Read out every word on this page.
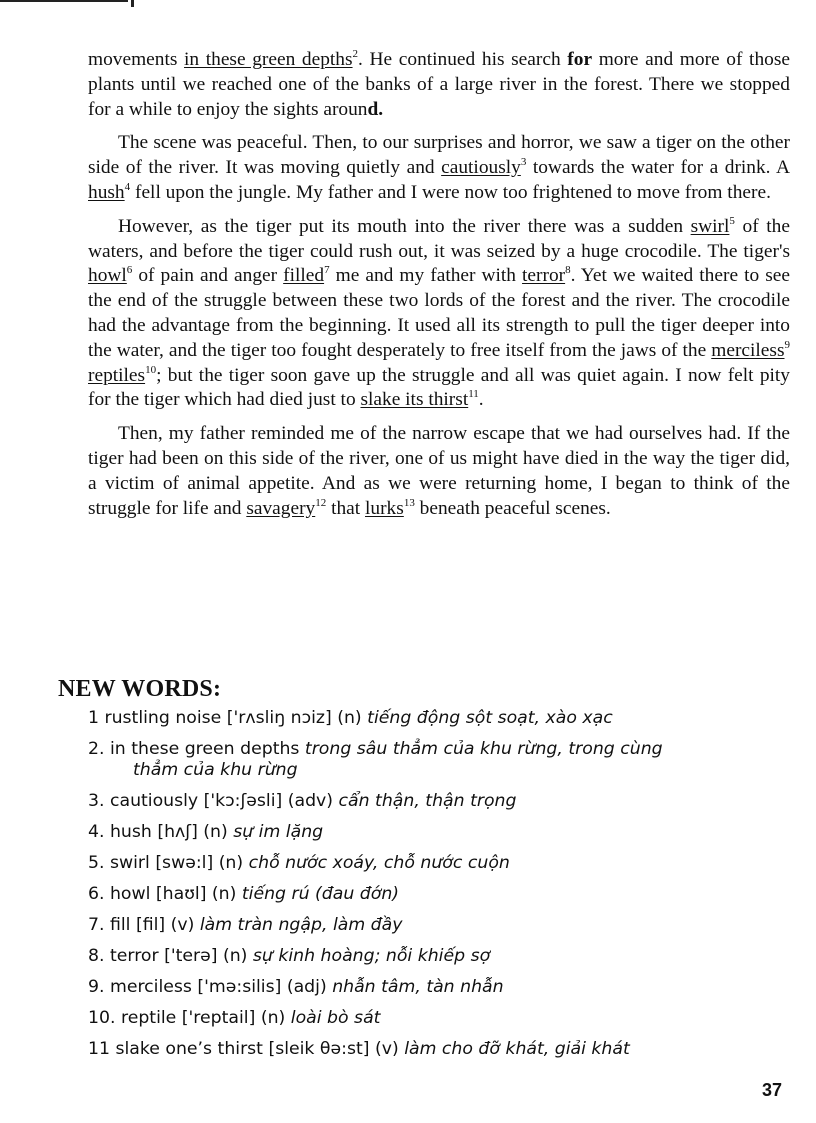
movements in these green depths$^2$. He continued his search for more and more of those plants until we reached one of the banks of a large river in the forest. There we stopped for a while to enjoy the sights around.

The scene was peaceful. Then, to our surprises and horror, we saw a tiger on the other side of the river. It was moving quietly and cautiously$^3$ towards the water for a drink. A hush$^4$ fell upon the jungle. My father and I were now too frightened to move from there.

However, as the tiger put its mouth into the river there was a sudden swirl$^5$ of the waters, and before the tiger could rush out, it was seized by a huge crocodile. The tiger's howl$^6$ of pain and anger filled$^7$ me and my father with terror$^8$. Yet we waited there to see the end of the struggle between these two lords of the forest and the river. The crocodile had the advantage from the beginning. It used all its strength to pull the tiger deeper into the water, and the tiger too fought desperately to free itself from the jaws of the merciless$^9$ reptiles$^{10}$; but the tiger soon gave up the struggle and all was quiet again. I now felt pity for the tiger which had died just to slake its thirst$^{11}$.

Then, my father reminded me of the narrow escape that we had ourselves had. If the tiger had been on this side of the river, one of us might have died in the way the tiger did, a victim of animal appetite. And as we were returning home, I began to think of the struggle for life and savagery$^{12}$ that lurks$^{13}$ beneath peaceful scenes.

NEW WORDS:
1 rustling noise ['rʌsliŋ nɔiz] (n) tiếng động sột soạt, xào xạc
2. in these green depths trong sâu thẳm của khu rừng, trong cùng
thẳm của khu rừng
3. cautiously ['kɔ:ʃəsli] (adv) cẩn thận, thận trọng
4. hush [hʌʃ] (n) sự im lặng
5. swirl [swə:l] (n) chỗ nước xoáy, chỗ nước cuộn
6. howl [haʊl] (n) tiếng rú (đau đớn)
7. fill [fil] (v) làm tràn ngập, làm đầy
8. terror ['terə] (n) sự kinh hoàng; nỗi khiếp sợ
9. merciless ['mə:silis] (adj) nhẫn tâm, tàn nhẫn
10. reptile ['reptail] (n) loài bò sát
11 slake one’s thirst [sleik θə:st] (v) làm cho đỡ khát, giải khát
37
